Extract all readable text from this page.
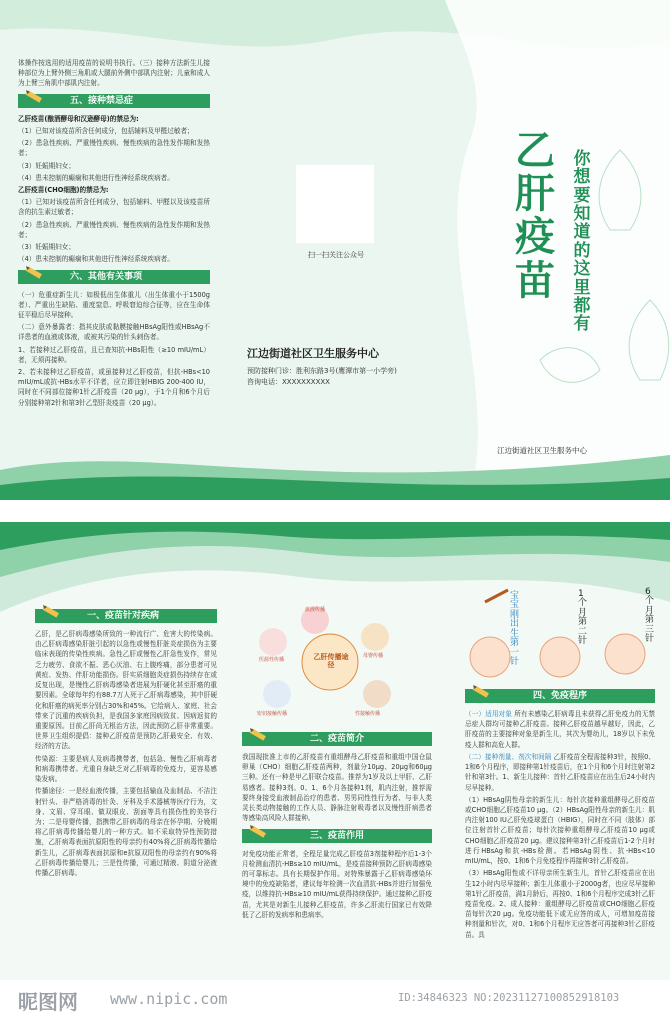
体操作按选用的适用疫苗的说明书执行。（三）接种方法新生儿接种部位为上臂外侧三角肌或大腿前外侧中部肌内注射；儿童和成人为上臂三角肌中部肌内注射。

五、接种禁忌症

乙肝疫苗(酿酒酵母和汉逊酵母)的禁忌为:

（1）已知对该疫苗所含任何成分，包括辅料及甲醛过敏者；

（2）患急性疾病、严重慢性疾病、慢性疾病的急性发作期和发热者；

（3）妊娠期妇女；

（4）患未控制的癫痫和其他进行性神经系统疾病者。

乙肝疫苗(CHO细胞)的禁忌为:

（1）已知对该疫苗所含任何成分，包括辅料、甲醛以及该疫苗所含的抗生素过敏者；

（2）患急性疾病、严重慢性疾病、慢性疾病的急性发作期和发热者；

（3）妊娠期妇女；

（4）患未控制的癫痫和其他进行性神经系统疾病者。

六、其他有关事项

（一）危重症新生儿：如极低出生体重儿（出生体重小于1500g者）、严重出生缺陷、重度窒息、呼吸窘迫综合征等，应在生命体征平稳后尽早接种。

（二）意外暴露者：指其皮肤或黏膜接触HBsAg阳性或HBsAg不详患者的血液或体液，或被其污染的针头刺伤者。

1、若接种过乙肝疫苗，且已查知抗-HBs阳性（≥10 mIU/mL）者，无须再接种。

2、若未接种过乙肝疫苗，或虽接种过乙肝疫苗，但抗-HBs<10 mIU/mL或抗-HBs水平不详者，应立即注射HBIG 200-400 IU，同时在不同部位接种1针乙肝疫苗（20 μg），于1个月和6个月后分别接种第2针和第3针乙型肝炎疫苗（20 μg）。

扫一扫关注公众号
江边街道社区卫生服务中心
预防接种门诊：胜利东路3号(鹰潭市第一小学旁)
咨询电话：XXXXXXXXXX
乙肝疫苗
你想要知道的这里都有
江边街道社区卫生服务中心
一、疫苗针对疾病

乙肝，是乙肝病毒感染所致的一种流行广、危害大的传染病。由乙肝病毒感染肝脏引起的以急性或慢性肝脏炎症损伤为主要临床表现的传染性疾病。急性乙肝或慢性乙肝急性发作，常见乏力疲劳、食欲不振、恶心厌油、右上腹疼痛，部分患者可见黄疸、发热、伴肝功能损伤。肝实质细胞炎症损伤持续存在或反复出现，是慢性乙肝病毒感染者进展为肝硬化甚至肝癌的重要因素。全球每年约有88.7万人死于乙肝病毒感染，其中肝硬化和肝癌的病死率分别占30%和45%。它给病人、家庭、社会带来了沉重的疾病负担，是我国多家庭因病致贫、因病返贫的重要原因。目前乙肝尚无根治方法，因此预防乙肝非常重要。世界卫生组织提倡：接种乙肝疫苗是预防乙肝最安全、有效、经济的方法。

传染源：主要是病人及病毒携带者，包括急、慢性乙肝病毒者和病毒携带者。尤重自身缺乏对乙肝病毒的免疫力，更容易感染发病。

传播途径：一是经血液传播，主要包括输血及血制品、不洁注射针头、非严格消毒的针灸、牙科及手术器械等医疗行为，文身、文眉、穿耳眼、做双眼皮、刮面等具有损伤性的美容行为；二是母婴传播，指携带乙肝病毒的母亲在怀孕期、分娩期将乙肝病毒传播给婴儿的一种方式。如不采取特异性预防措施，乙肝病毒表面抗原阳性的母亲约有40%将乙肝病毒传播给新生儿，乙肝病毒表面抗原和e抗原双阳性的母亲约有90%将乙肝病毒传播给婴儿；三是性传播，可通过精液、阴道分泌液传播乙肝病毒。

血液传播
母婴传播
乙肝传播途径
密切接触传播	性接触传播
医源性传播
二、疫苗简介

我国现批准上市的乙肝疫苗有重组酵母乙肝疫苗和重组中国仓鼠卵巢（CHO）细胞乙肝疫苗两种，剂量分10μg、20μg和60μg三种。还有一种是甲乙肝联合疫苗。推荐为1岁及以上甲肝、乙肝易感者。接种3剂。0、1、6个月各接种1剂，肌内注射，推荐需要终身接受血液制品治疗的患者、男男同性性行为者、与非人类灵长类动物接触的工作人员、静脉注射吸毒者以及慢性肝病患者等感染高风险人群接种。

三、疫苗作用

对免疫功能正常者，全程足量完成乙肝疫苗3剂接种程序后1-3个月检测血清抗-HBs≥10 mIU/mL，是疫苗接种预防乙肝病毒感染的可靠标志。具有长期保护作用。对特殊暴露于乙肝病毒感染环境中的免疫缺陷者，建议每年检测一次血清抗-HBs并进行加强免疫，以维持抗-HBs≥10 mIU/mL获得持续保护。通过接种乙肝疫苗，尤其是对新生儿接种乙肝疫苗，许多乙肝流行国家已有效降低了乙肝的发病率和患病率。

宝宝刚出生第一针
1个月第二针
6个月第三针
四、免疫程序

（一）适用对象 所有未感染乙肝病毒且未获得乙肝免疫力的无禁忌症人群均可接种乙肝疫苗。接种乙肝疫苗越早越好，因此，乙肝疫苗的主要接种对象是新生儿，其次为婴幼儿，18岁以下未免疫人群和高危人群。

（二）接种剂量、剂次和间隔 乙肝疫苗全程需接种3针，按照0、1和6个月程序，即接种第1针疫苗后，在1个月和6个月时注射第2针和第3针。1、新生儿接种：首针乙肝疫苗应在出生后24小时内尽早接种。

（1）HBsAg阴性母亲的新生儿：每针次接种重组酵母乙肝疫苗或CHO细胞乙肝疫苗10 μg。（2）HBsAg阳性母亲的新生儿：肌内注射100 IU乙肝免疫球蛋白（HBIG），同时在不同（肢体）部位注射首针乙肝疫苗；每针次接种重组酵母乙肝疫苗10 μg或CHO细胞乙肝疫苗20 μg。建议接种第3针乙肝疫苗后1-2个月时进行HBsAg和抗-HBs检测。若HBsAg阴性、抗-HBs<10 mIU/mL，按0、1和6个月免疫程序再接种3针乙肝疫苗。

（3）HBsAg阳性或不详母亲所生新生儿，首针乙肝疫苗应在出生12小时内尽早接种；新生儿体重小于2000g者，也应尽早接种第1针乙肝疫苗，满1月龄后，再按0、1和6个月程序完成3针乙肝疫苗免疫。2、成人接种：重组酵母乙肝疫苗或CHO细胞乙肝疫苗每针次20 μg。免疫功能低下或无应答的成人，可增加疫苗接种剂量和针次，对0、1和6个月程序无应答者可再接种3针乙肝疫苗。具

昵图网 www.nipic.com	ID:34846323 NO:20231127100852918103
